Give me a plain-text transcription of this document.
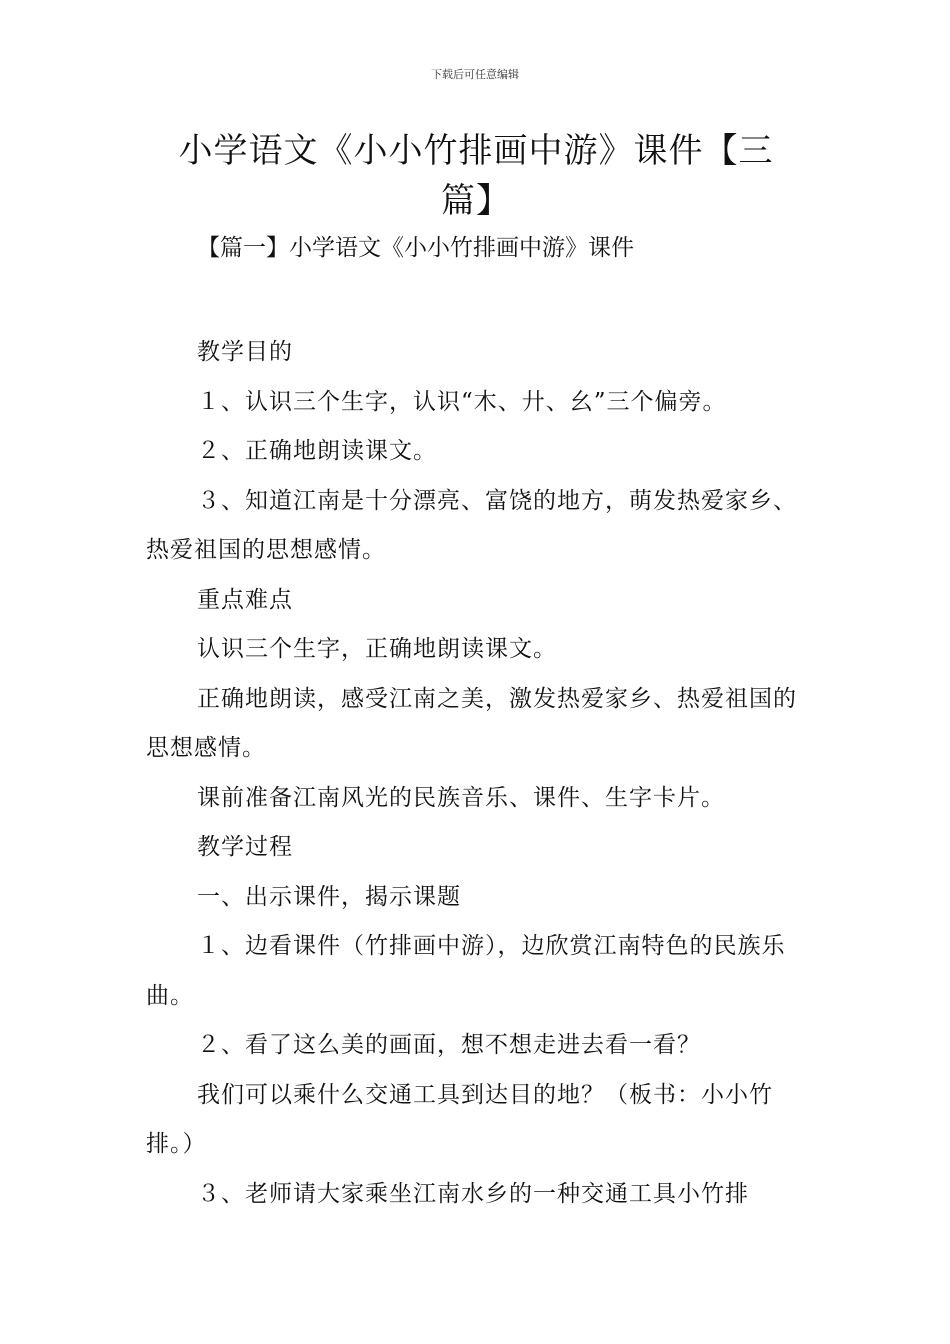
下载后可任意编辑
小学语文《小小竹排画中游》课件【三
篇】
【篇一】小学语文《小小竹排画中游》课件

教学目的

１、认识三个生字，认识“木、廾、幺”三个偏旁。

２、正确地朗读课文。

３、知道江南是十分漂亮、富饶的地方，萌发热爱家乡、热爱祖国的思想感情。

重点难点

认识三个生字，正确地朗读课文。

正确地朗读，感受江南之美，激发热爱家乡、热爱祖国的思想感情。

课前准备江南风光的民族音乐、课件、生字卡片。

教学过程

一、出示课件，揭示课题

１、边看课件（竹排画中游），边欣赏江南特色的民族乐曲。

２、看了这么美的画面，想不想走进去看一看？

我们可以乘什么交通工具到达目的地？（板书：小小竹排。）

３、老师请大家乘坐江南水乡的一种交通工具小竹排
